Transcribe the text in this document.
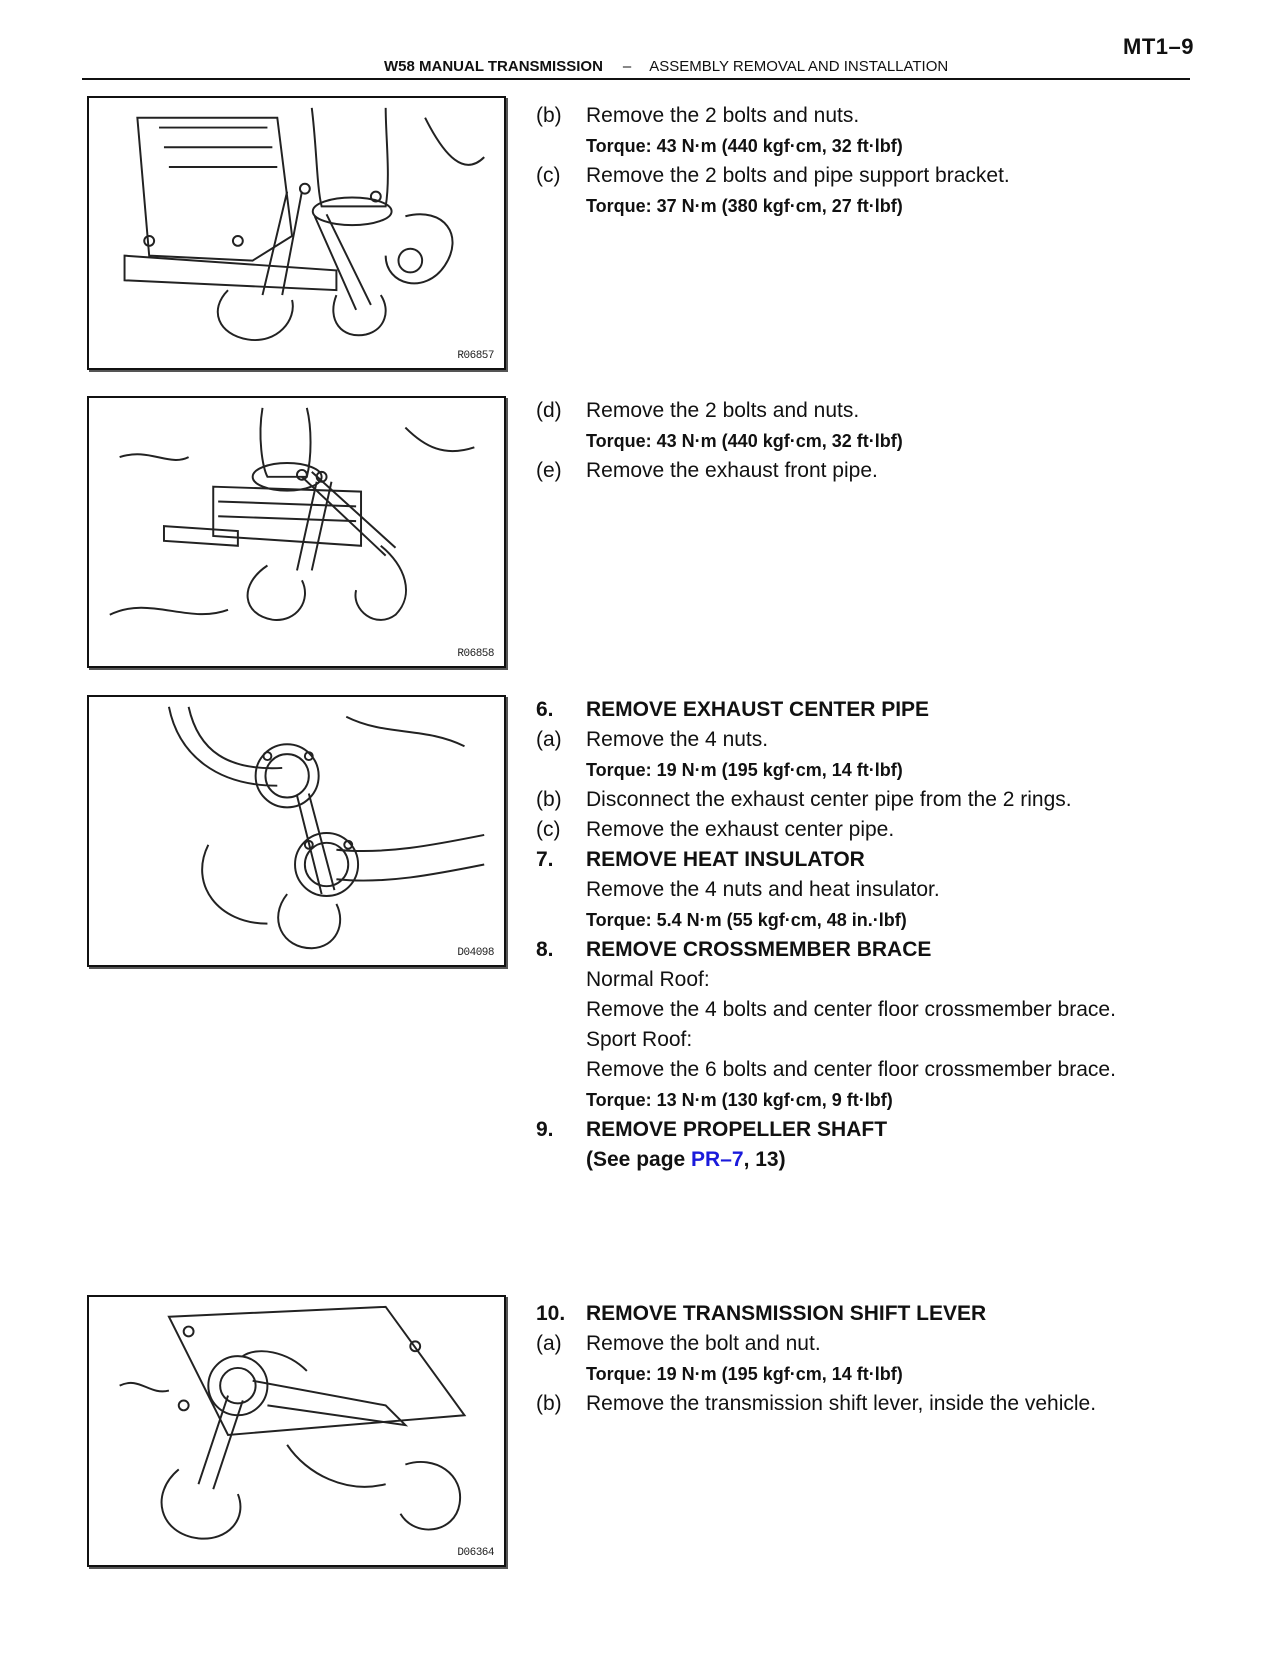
MT1–9
W58 MANUAL TRANSMISSION – ASSEMBLY REMOVAL AND INSTALLATION
R06857
R06858
D04098
D06364
(b) Remove the 2 bolts and nuts.
Torque: 43 N·m (440 kgf·cm, 32 ft·lbf)
(c) Remove the 2 bolts and pipe support bracket.
Torque: 37 N·m (380 kgf·cm, 27 ft·lbf)
(d) Remove the 2 bolts and nuts.
Torque: 43 N·m (440 kgf·cm, 32 ft·lbf)
(e) Remove the exhaust front pipe.
6. REMOVE EXHAUST CENTER PIPE
(a) Remove the 4 nuts.
Torque: 19 N·m (195 kgf·cm, 14 ft·lbf)
(b) Disconnect the exhaust center pipe from the 2 rings.
(c) Remove the exhaust center pipe.
7. REMOVE HEAT INSULATOR
Remove the 4 nuts and heat insulator.
Torque: 5.4 N·m (55 kgf·cm, 48 in.·lbf)
8. REMOVE CROSSMEMBER BRACE
Normal Roof:
Remove the 4 bolts and center floor crossmember brace.
Sport Roof:
Remove the 6 bolts and center floor crossmember brace.
Torque: 13 N·m (130 kgf·cm, 9 ft·lbf)
9. REMOVE PROPELLER SHAFT
(See page PR–7, 13)
10. REMOVE TRANSMISSION SHIFT LEVER
(a) Remove the bolt and nut.
Torque: 19 N·m (195 kgf·cm, 14 ft·lbf)
(b) Remove the transmission shift lever, inside the vehicle.
